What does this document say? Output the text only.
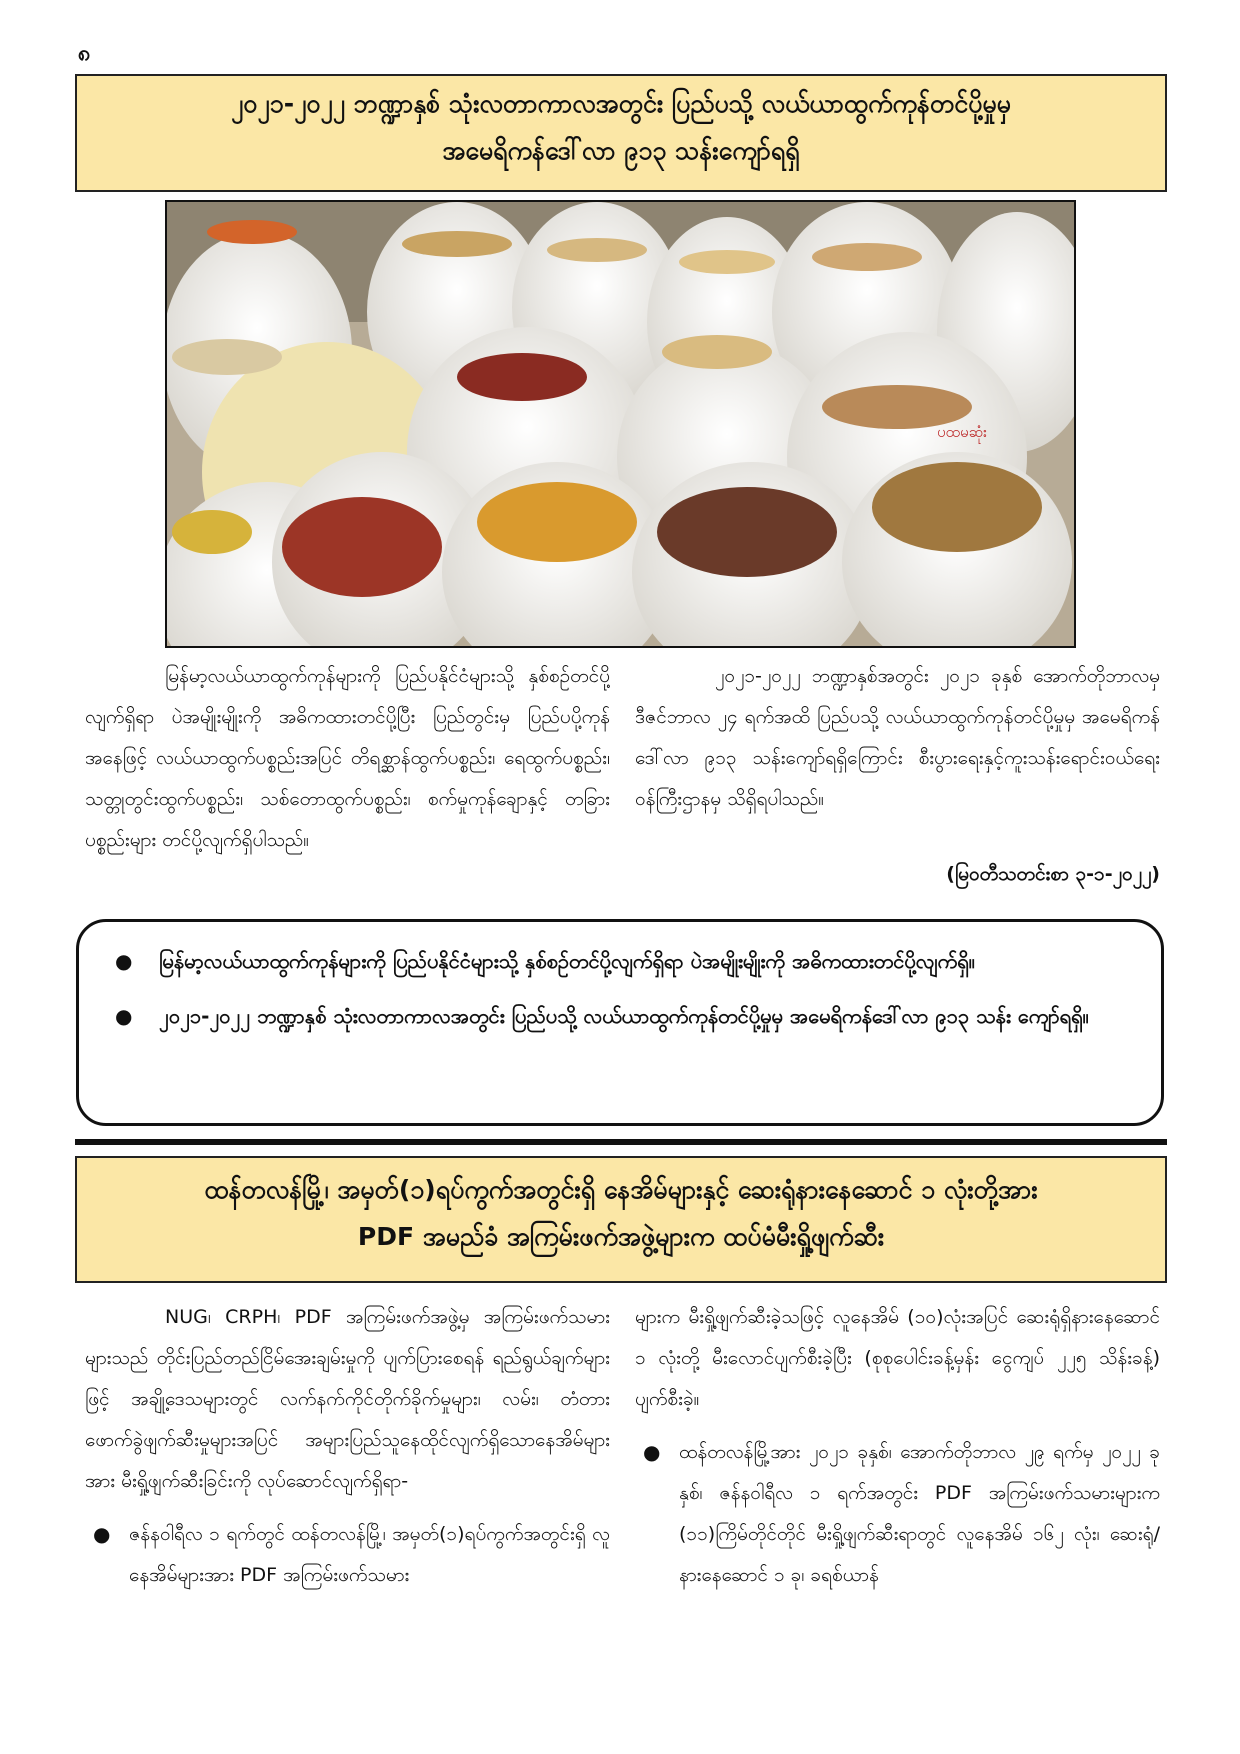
၈
၂၀၂၁-၂၀၂၂ ဘဏ္ဍာနှစ် သုံးလတာကာလအတွင်း ပြည်ပသို့ လယ်ယာထွက်ကုန်တင်ပို့မှုမှ
အမေရိကန်ဒေါ်လာ ၉၁၃ သန်းကျော်ရရှိ
ပထမဆုံး

မြန်မာ့လယ်ယာထွက်ကုန်များကို ပြည်ပနိုင်ငံများသို့ နှစ်စဉ်တင်ပို့လျက်ရှိရာ ပဲအမျိုးမျိုးကို အဓိကထားတင်ပို့ပြီး ပြည်တွင်းမှ ပြည်ပပို့ကုန်အနေဖြင့် လယ်ယာထွက်ပစ္စည်းအပြင် တိရစ္ဆာန်ထွက်ပစ္စည်း၊ ရေထွက်ပစ္စည်း၊ သတ္တုတွင်းထွက်ပစ္စည်း၊ သစ်တောထွက်ပစ္စည်း၊ စက်မှုကုန်ချောနှင့် တခြားပစ္စည်းများ တင်ပို့လျက်ရှိပါသည်။

၂၀၂၁-၂၀၂၂ ဘဏ္ဍာနှစ်အတွင်း ၂၀၂၁ ခုနှစ် အောက်တိုဘာလမှ ဒီဇင်ဘာလ ၂၄ ရက်အထိ ပြည်ပသို့ လယ်ယာထွက်ကုန်တင်ပို့မှုမှ အမေရိကန်ဒေါ်လာ ၉၁၃ သန်းကျော်ရရှိကြောင်း စီးပွားရေးနှင့်ကူးသန်းရောင်းဝယ်ရေးဝန်ကြီးဌာနမှ သိရှိရပါသည်။

(မြဝတီသတင်းစာ ၃-၁-၂၀၂၂)
● မြန်မာ့လယ်ယာထွက်ကုန်များကို ပြည်ပနိုင်ငံများသို့ နှစ်စဉ်တင်ပို့လျက်ရှိရာ ပဲအမျိုးမျိုးကို အဓိကထားတင်ပို့လျက်ရှိ။
● ၂၀၂၁-၂၀၂၂ ဘဏ္ဍာနှစ် သုံးလတာကာလအတွင်း ပြည်ပသို့ လယ်ယာထွက်ကုန်တင်ပို့မှုမှ အမေရိကန်ဒေါ်လာ ၉၁၃ သန်း ကျော်ရရှိ။
ထန်တလန်မြို့၊ အမှတ်(၁)ရပ်ကွက်အတွင်းရှိ နေအိမ်များနှင့် ဆေးရုံနားနေဆောင် ၁ လုံးတို့အား
PDF အမည်ခံ အကြမ်းဖက်အဖွဲ့များက ထပ်မံမီးရှို့ဖျက်ဆီး

NUG၊ CRPH၊ PDF အကြမ်းဖက်အဖွဲ့မှ အကြမ်းဖက်သမားများသည် တိုင်းပြည်တည်ငြိမ်အေးချမ်းမှုကို ပျက်ပြားစေရန် ရည်ရွယ်ချက်များဖြင့် အချို့ဒေသများတွင် လက်နက်ကိုင်တိုက်ခိုက်မှုများ၊ လမ်း၊ တံတား ဖောက်ခွဲဖျက်ဆီးမှုများအပြင် အများပြည်သူနေထိုင်လျက်ရှိသောနေအိမ်များအား မီးရှို့ဖျက်ဆီးခြင်းကို လုပ်ဆောင်လျက်ရှိရာ-

● ဇန်နဝါရီလ ၁ ရက်တွင် ထန်တလန်မြို့၊ အမှတ်(၁)ရပ်ကွက်အတွင်းရှိ လူနေအိမ်များအား PDF အကြမ်းဖက်သမား

များက မီးရှို့ဖျက်ဆီးခဲ့သဖြင့် လူနေအိမ် (၁၀)လုံးအပြင် ဆေးရုံရှိနားနေဆောင် ၁ လုံးတို့ မီးလောင်ပျက်စီးခဲ့ပြီး (စုစုပေါင်းခန့်မှန်း ငွေကျပ် ၂၂၅ သိန်းခန့်) ပျက်စီးခဲ့။

● ထန်တလန်မြို့အား ၂၀၂၁ ခုနှစ်၊ အောက်တိုဘာလ ၂၉ ရက်မှ ၂၀၂၂ ခုနှစ်၊ ဇန်နဝါရီလ ၁ ရက်အတွင်း PDF အကြမ်းဖက်သမားများက (၁၁)ကြိမ်တိုင်တိုင် မီးရှို့ဖျက်ဆီးရာတွင် လူနေအိမ် ၁၆၂ လုံး၊ ဆေးရုံ/နားနေဆောင် ၁ ခု၊ ခရစ်ယာန်
